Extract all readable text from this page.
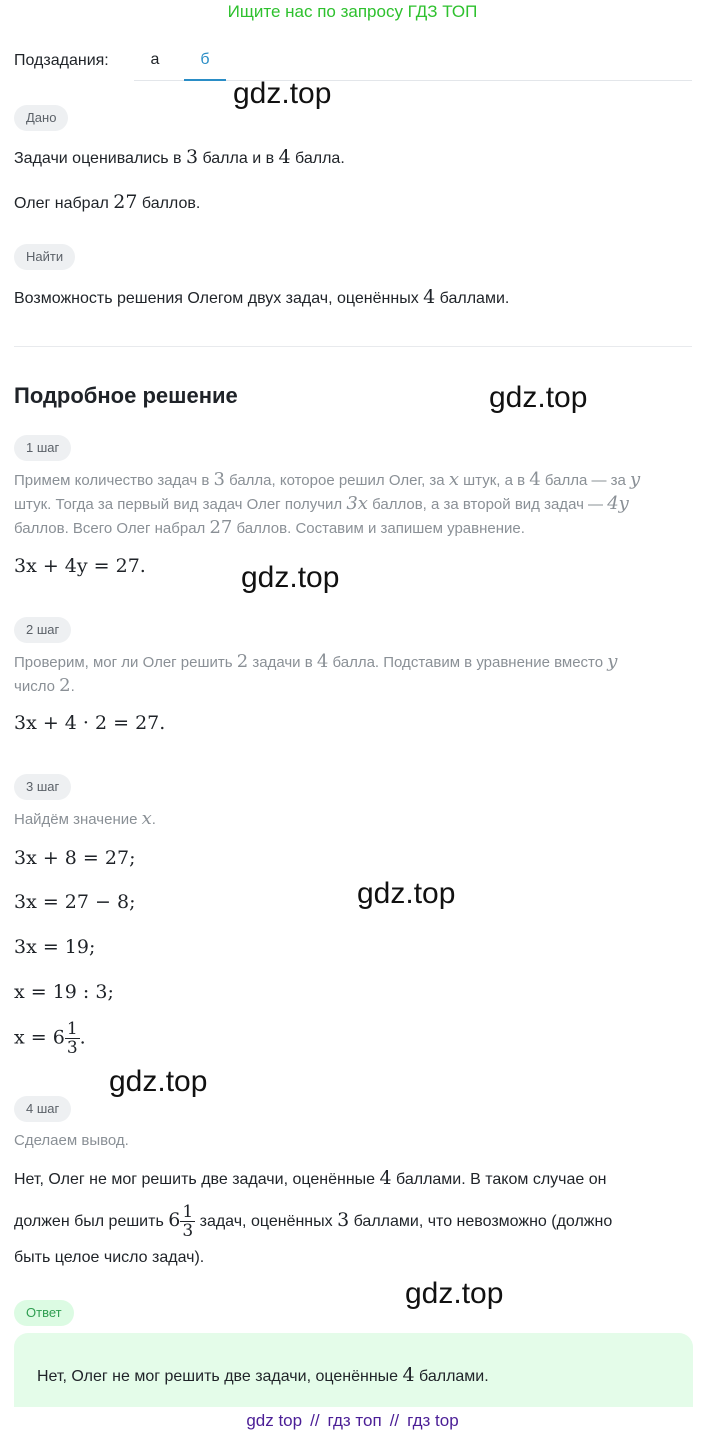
Ищите нас по запросу ГДЗ ТОП
Подзадания:	а	б
Дано
Задачи оценивались в 3 балла и в 4 балла.
Олег набрал 27 баллов.
Найти
Возможность решения Олегом двух задач, оценённых 4 баллами.
Подробное решение
1 шаг
Примем количество задач в 3 балла, которое решил Олег, за x штук, а в 4 балла — за y
штук. Тогда за первый вид задач Олег получил 3x баллов, а за второй вид задач — 4y
баллов. Всего Олег набрал 27 баллов. Составим и запишем уравнение.
3x + 4y = 27.
2 шаг
Проверим, мог ли Олег решить 2 задачи в 4 балла. Подставим в уравнение вместо y
число 2.
3x + 4 · 2 = 27.
3 шаг
Найдём значение x.
3x + 8 = 27;
3x = 27 − 8;
3x = 19;
x = 19 : 3;
$x = 6 \frac{1}{3}$ .
4 шаг
Сделаем вывод.
Нет, Олег не мог решить две задачи, оценённые 4 баллами. В таком случае он
должен был решить $6 \frac{1}{3}$ задач, оценённых 3 баллами, что невозможно (должно
быть целое число задач).
Ответ
Нет, Олег не мог решить две задачи, оценённые 4 баллами.
gdz.top
gdz.top
gdz.top
gdz.top
gdz.top
gdz.top
gdz top // гдз топ // гдз top
